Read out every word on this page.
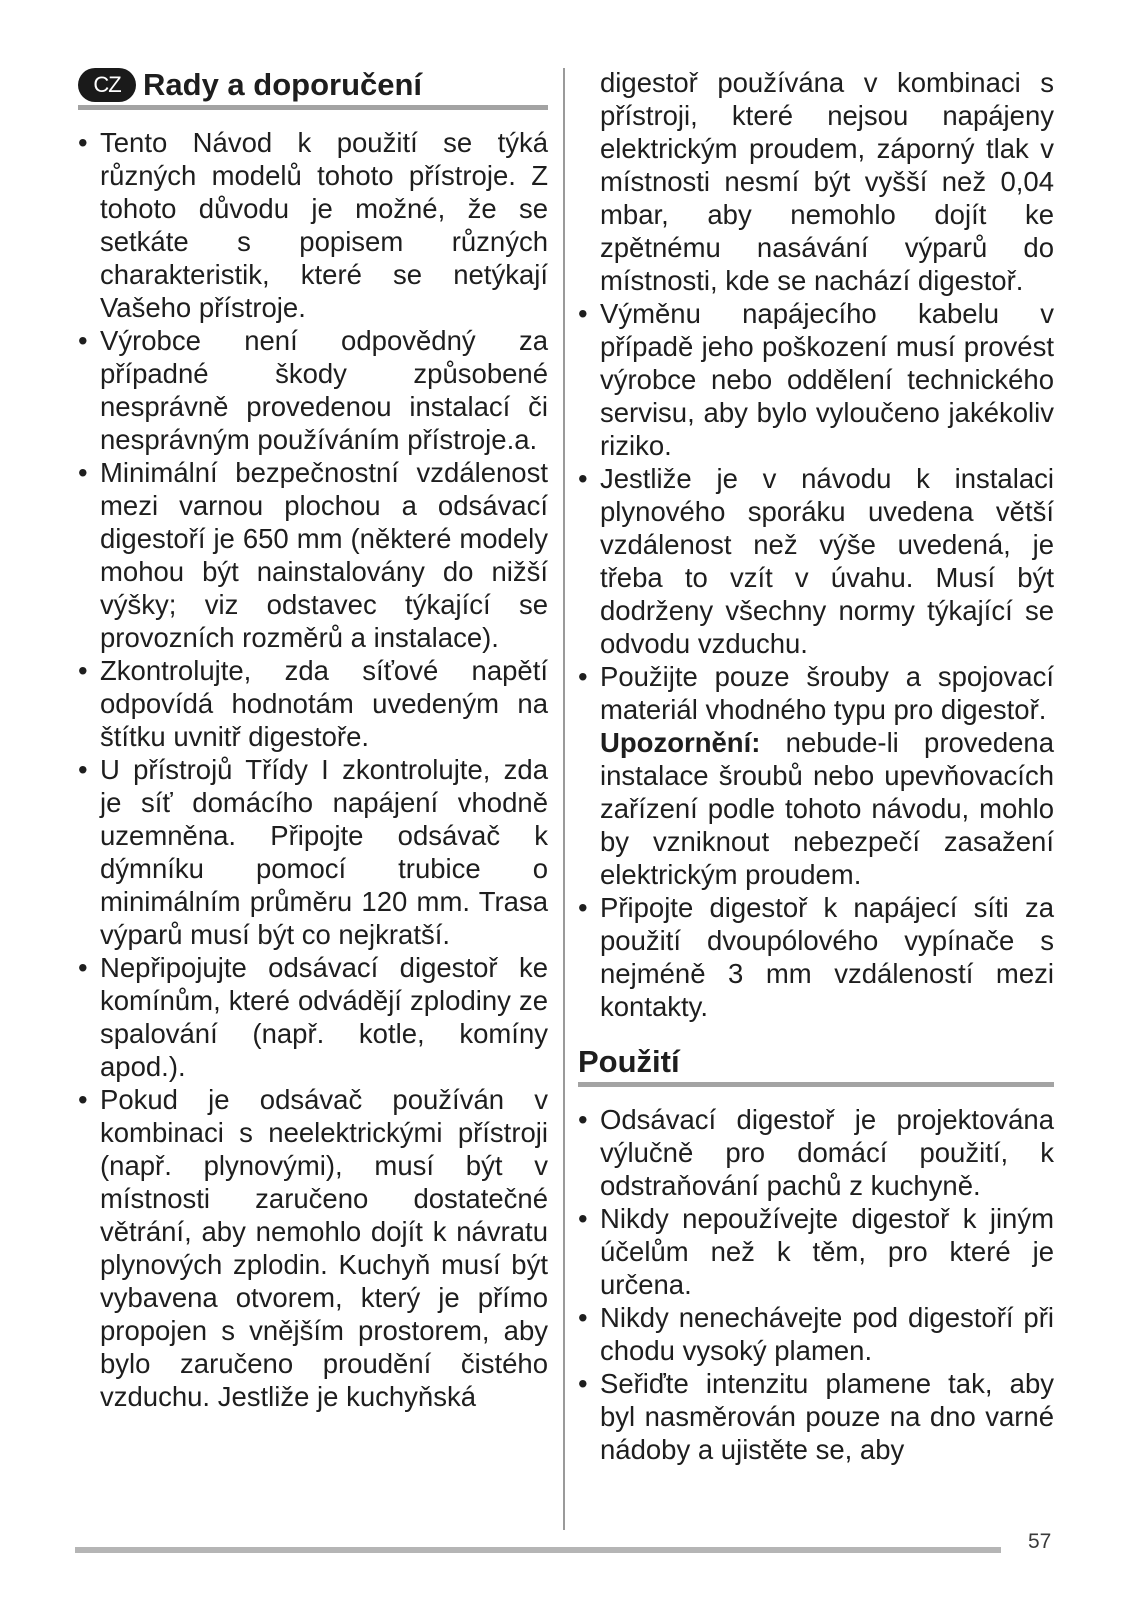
CZ Rady a doporučení
• Tento Návod k použití se týká různých modelů tohoto přístroje. Z tohoto důvodu je možné, že se setkáte s popisem různých charakteristik, které se netýkají Vašeho přístroje.
• Výrobce není odpovědný za případné škody způsobené nesprávně provedenou instalací či nesprávným používáním přístroje.a.
• Minimální bezpečnostní vzdálenost mezi varnou plochou a odsávací digestoří je 650 mm (některé modely mohou být nainstalovány do nižší výšky; viz odstavec týkající se provozních rozměrů a instalace).
• Zkontrolujte, zda síťové napětí odpovídá hodnotám uvedeným na štítku uvnitř digestoře.
• U přístrojů Třídy I zkontrolujte, zda je síť domácího napájení vhodně uzemněna. Připojte odsávač k dýmníku pomocí trubice o minimálním průměru 120 mm. Trasa výparů musí být co nejkratší.
• Nepřipojujte odsávací digestoř ke komínům, které odvádějí zplodiny ze spalování (např. kotle, komíny apod.).
• Pokud je odsávač používán v kombinaci s neelektrickými přístroji (např. plynovými), musí být v místnosti zaručeno dostatečné větrání, aby nemohlo dojít k návratu plynových zplodin. Kuchyň musí být vybavena otvorem, který je přímo propojen s vnějším prostorem, aby bylo zaručeno proudění čistého vzduchu. Jestliže je kuchyňská

digestoř používána v kombinaci s přístroji, které nejsou napájeny elektrickým proudem, záporný tlak v místnosti nesmí být vyšší než 0,04 mbar, aby nemohlo dojít ke zpětnému nasávání výparů do místnosti, kde se nachází digestoř.

• Výměnu napájecího kabelu v případě jeho poškození musí provést výrobce nebo oddělení technického servisu, aby bylo vyloučeno jakékoliv riziko.
• Jestliže je v návodu k instalaci plynového sporáku uvedena větší vzdálenost než výše uvedená, je třeba to vzít v úvahu. Musí být dodrženy všechny normy týkající se odvodu vzduchu.
• Použijte pouze šrouby a spojovací materiál vhodného typu pro digestoř.

Upozornění: nebude-li provedena instalace šroubů nebo upevňovacích zařízení podle tohoto návodu, mohlo by vzniknout nebezpečí zasažení elektrickým proudem.

• Připojte digestoř k napájecí síti za použití dvoupólového vypínače s nejméně 3 mm vzdáleností mezi kontakty.
Použití
• Odsávací digestoř je projektována výlučně pro domácí použití, k odstraňování pachů z kuchyně.
• Nikdy nepoužívejte digestoř k jiným účelům než k těm, pro které je určena.
• Nikdy nenechávejte pod digestoří při chodu vysoký plamen.
• Seřiďte intenzitu plamene tak, aby byl nasměrován pouze na dno varné nádoby a ujistěte se, aby
57
